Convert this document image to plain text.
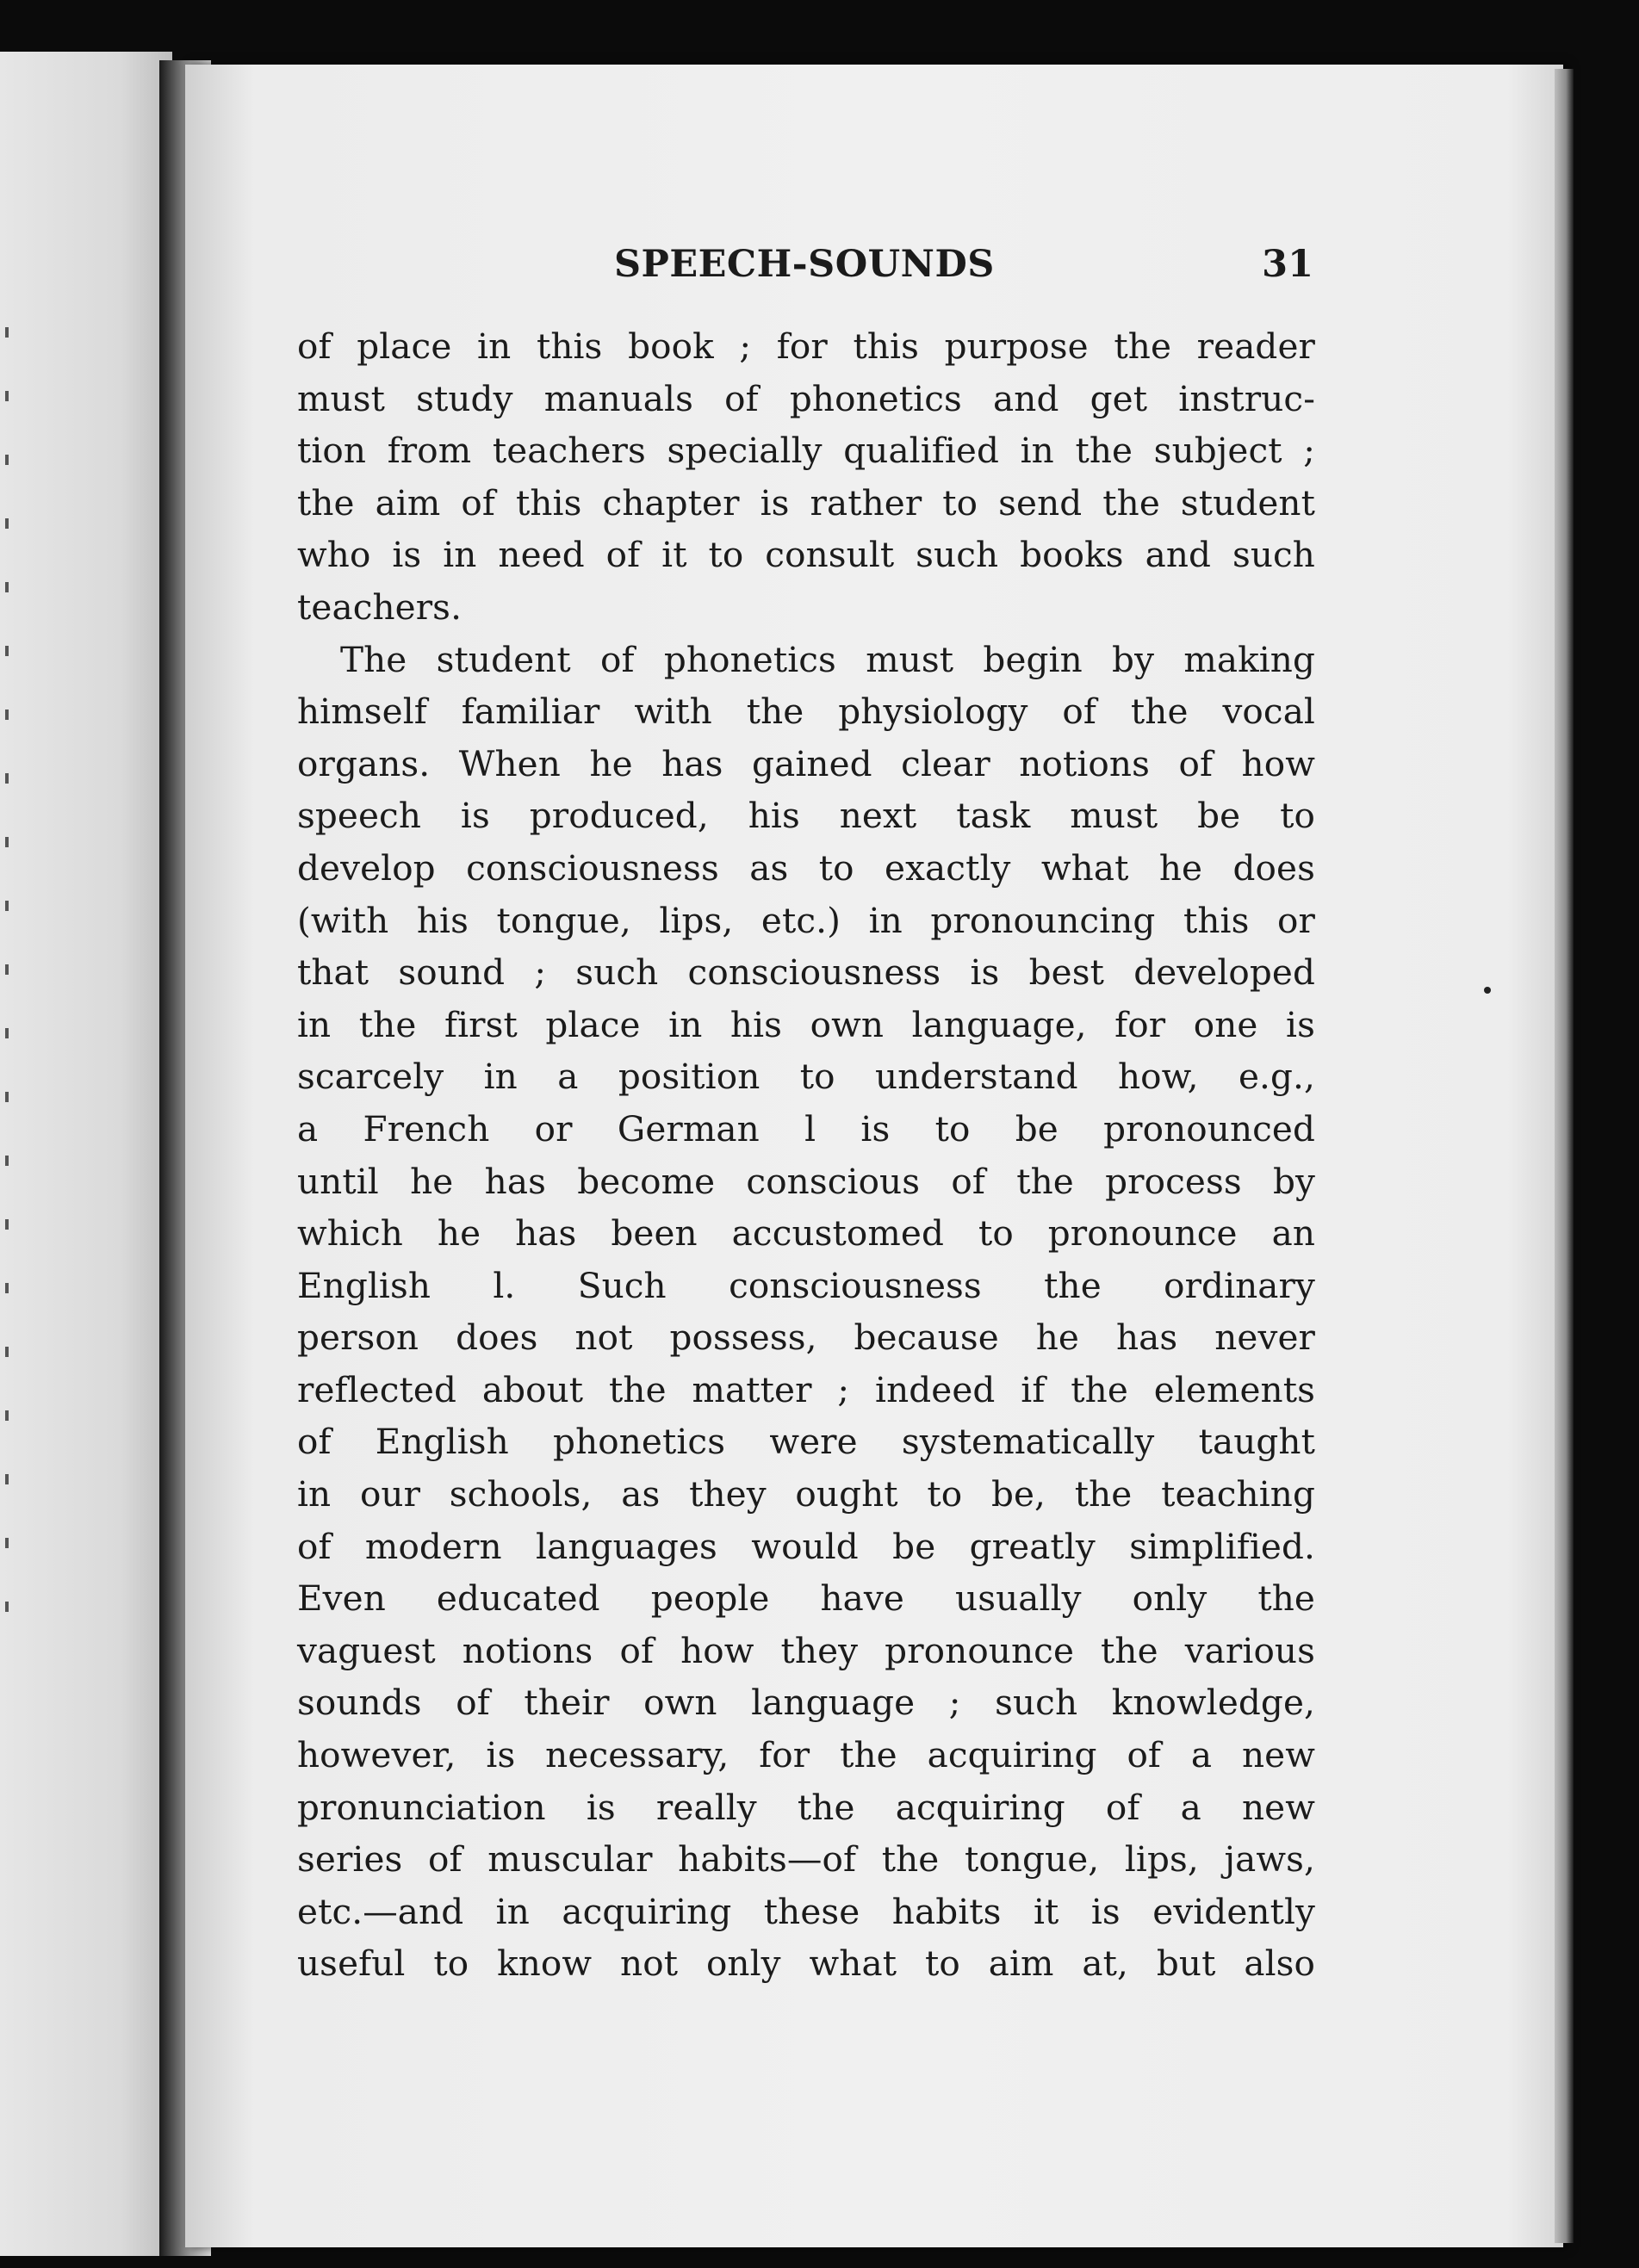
SPEECH-SOUNDS	31
of place in this book ; for this purpose the reader
must study manuals of phonetics and get instruc-
tion from teachers specially qualified in the subject ;
the aim of this chapter is rather to send the student
who is in need of it to consult such books and such
teachers.
The student of phonetics must begin by making
himself familiar with the physiology of the vocal
organs. When he has gained clear notions of how
speech is produced, his next task must be to
develop consciousness as to exactly what he does
(with his tongue, lips, etc.) in pronouncing this or
that sound ; such consciousness is best developed
in the first place in his own language, for one is
scarcely in a position to understand how, e.g.,
a French or German l is to be pronounced
until he has become conscious of the process by
which he has been accustomed to pronounce an
English l. Such consciousness the ordinary
person does not possess, because he has never
reflected about the matter ; indeed if the elements
of English phonetics were systematically taught
in our schools, as they ought to be, the teaching
of modern languages would be greatly simplified.
Even educated people have usually only the
vaguest notions of how they pronounce the various
sounds of their own language ; such knowledge,
however, is necessary, for the acquiring of a new
pronunciation is really the acquiring of a new
series of muscular habits—of the tongue, lips, jaws,
etc.—and in acquiring these habits it is evidently
useful to know not only what to aim at, but also
